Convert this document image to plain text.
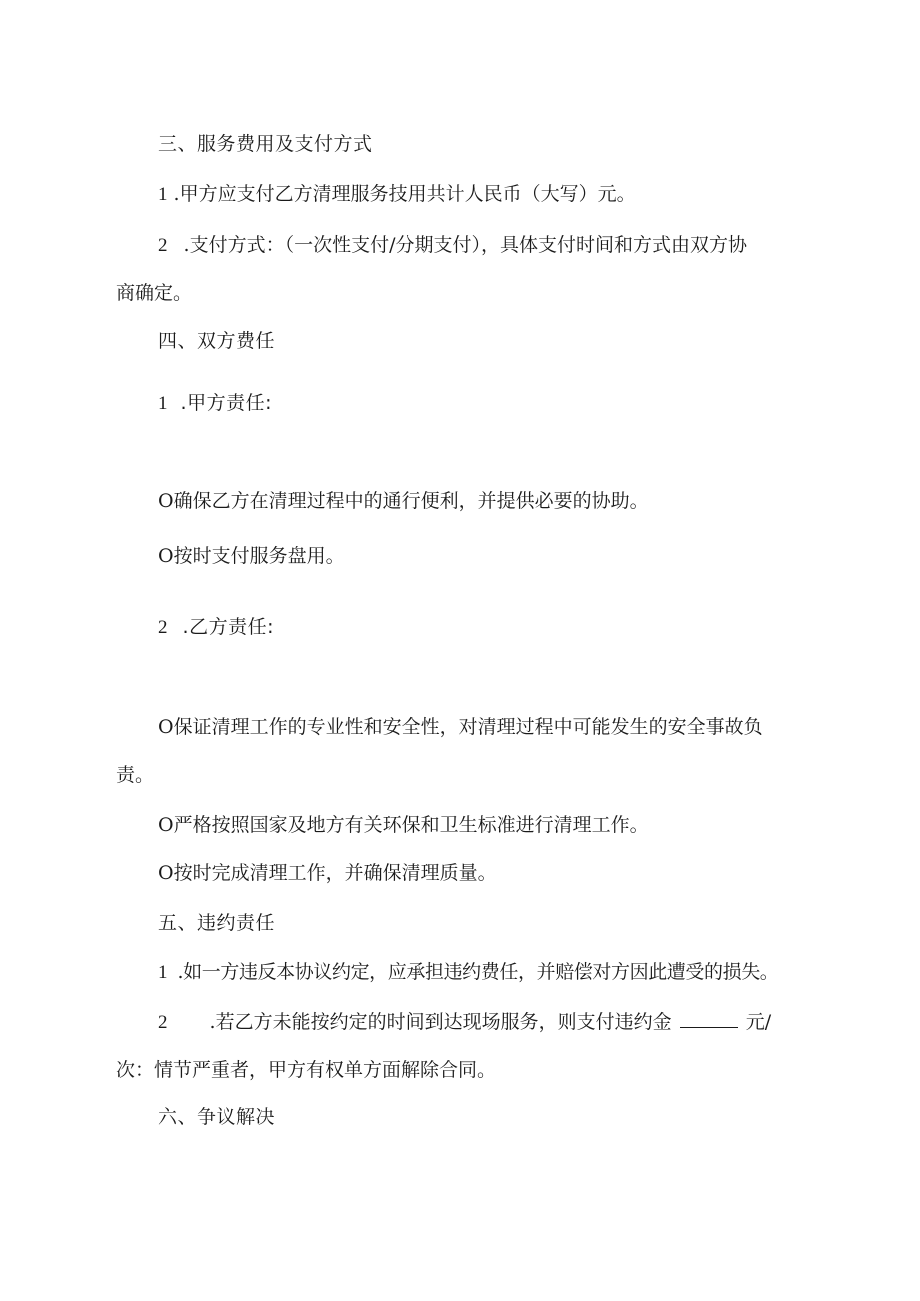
三、服务费用及支付方式
1 .甲方应支付乙方清理服务技用共计人民币（大写）元。
2 .支付方式：（一次性支付/分期支付），具体支付时间和方式由双方协
商确定。
四、双方费任
1 .甲方责任:
O确保乙方在清理过程中的通行便利，并提供必要的协助。
O按时支付服务盘用。
2 .乙方责任:
O保证清理工作的专业性和安全性，对清理过程中可能发生的安全事故负
责。
O严格按照国家及地方有关环保和卫生标准进行清理工作。
O按时完成清理工作，并确保清理质量。
五、违约责任
1 .如一方违反本协议约定，应承担违约费任，并赔偿对方因此遭受的损失。
2 .若乙方未能按约定的时间到达现场服务，则支付违约金	元/
次：情节严重者，甲方有权单方面解除合同。
六、争议解决
